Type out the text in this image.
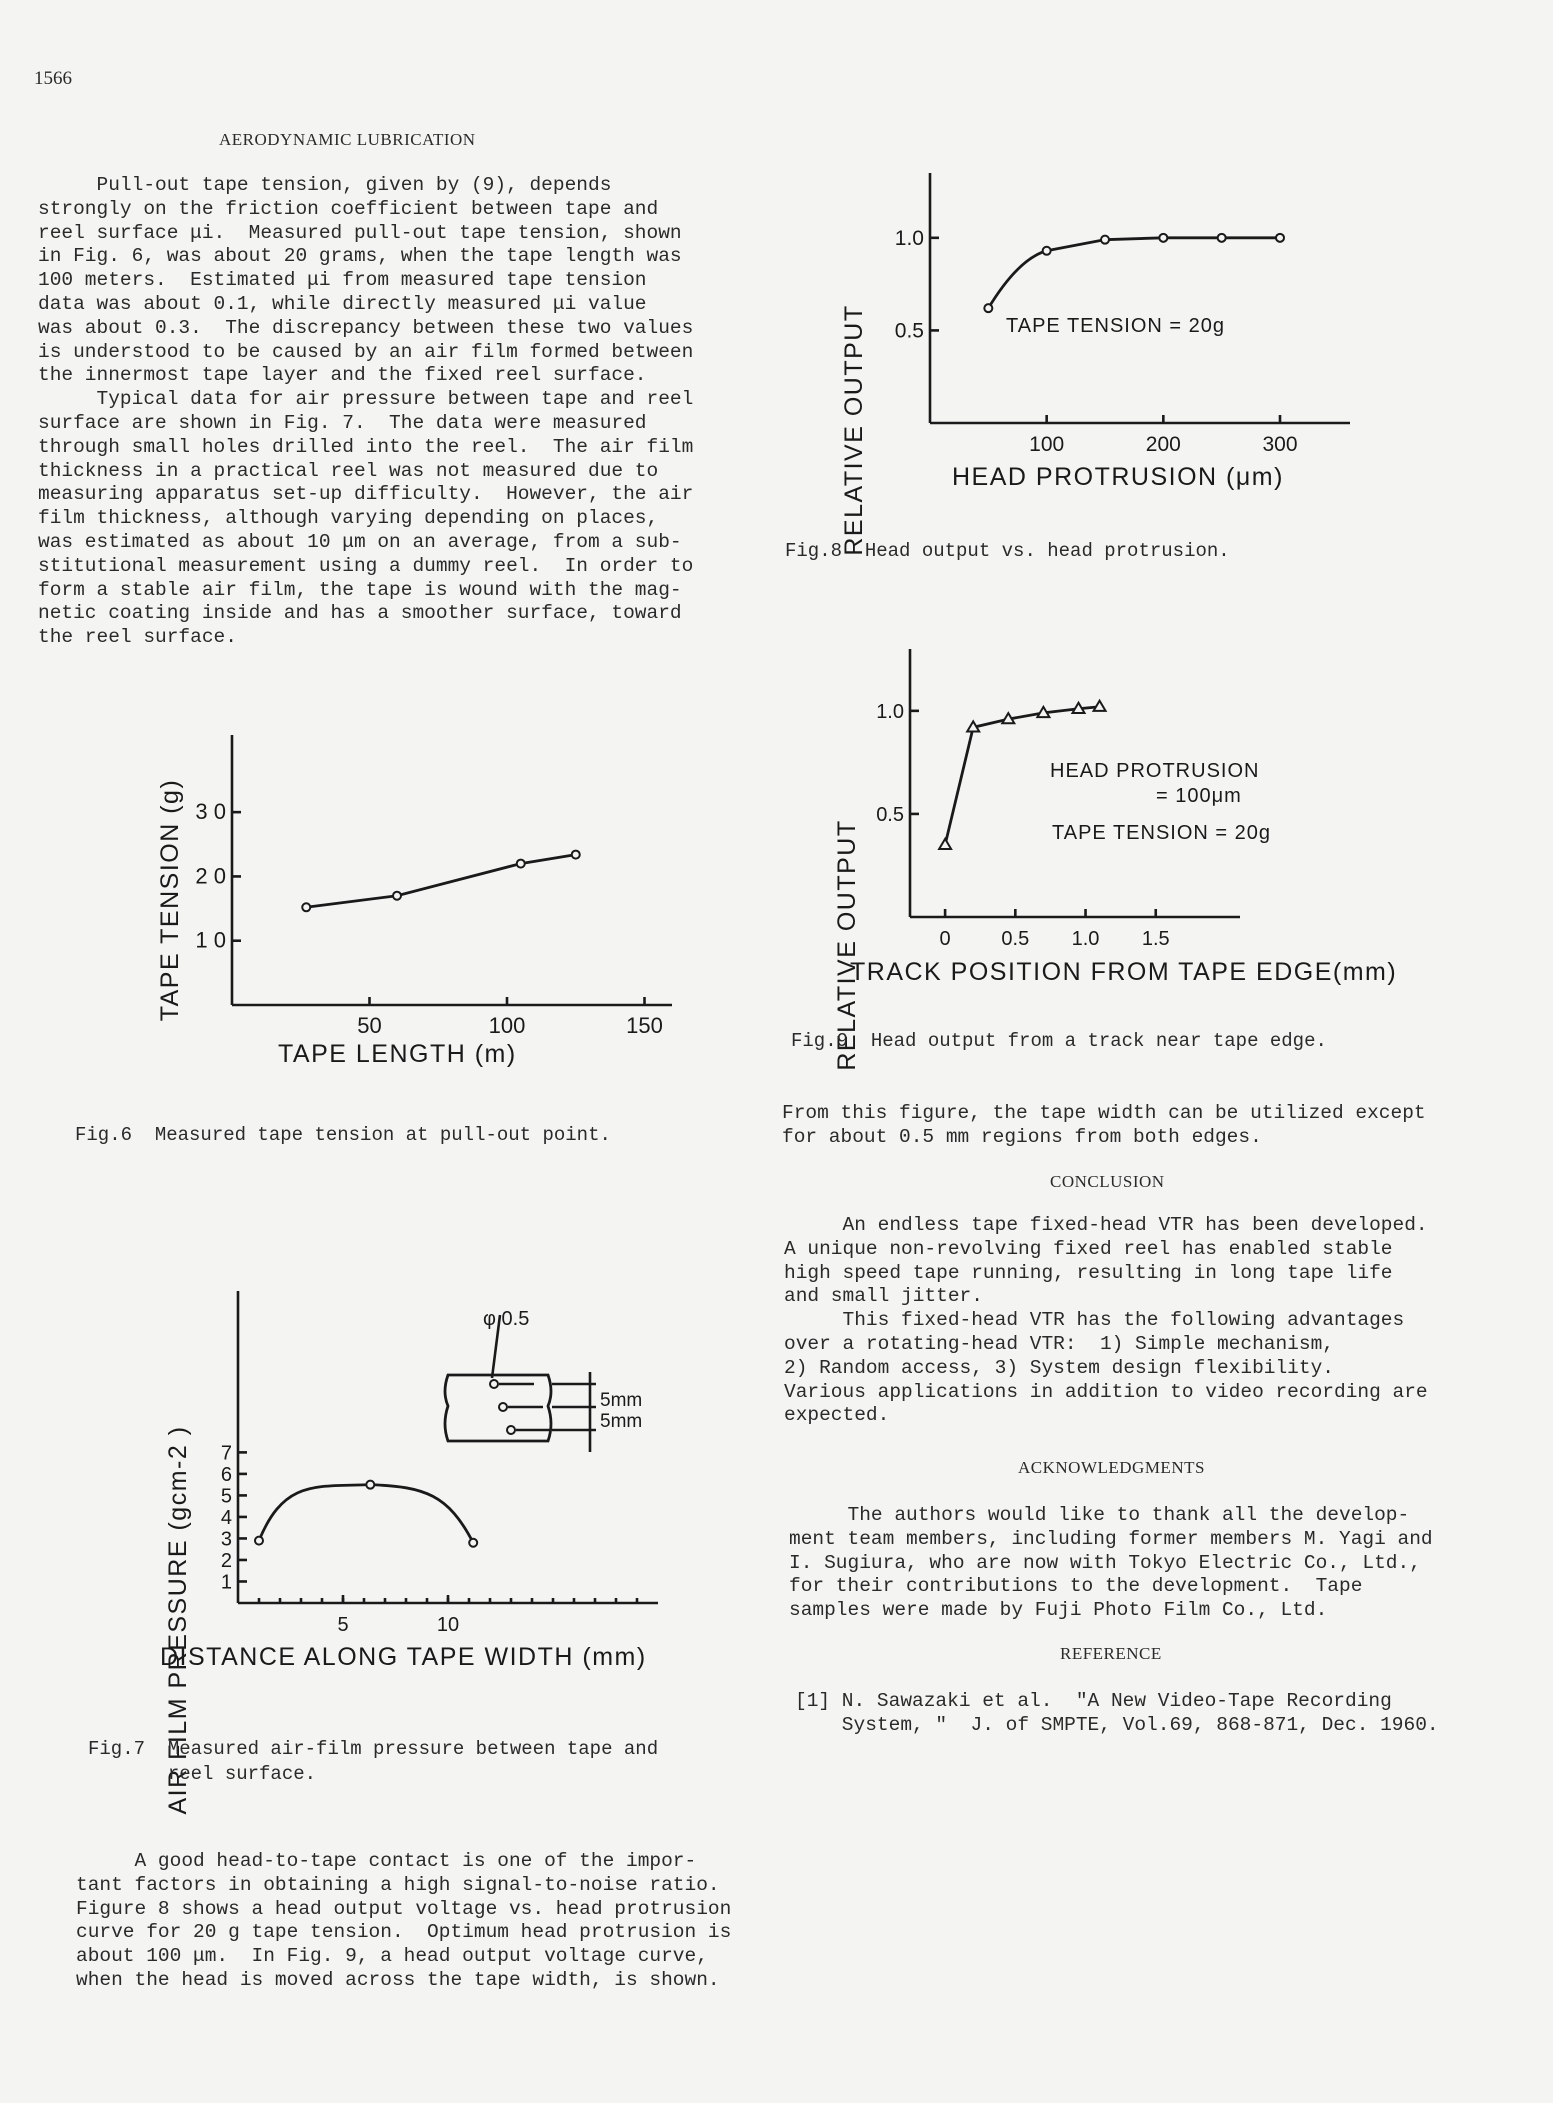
1566
AERODYNAMIC LUBRICATION
Pull-out tape tension, given by (9), depends
strongly on the friction coefficient between tape and
reel surface μi.  Measured pull-out tape tension, shown
in Fig. 6, was about 20 grams, when the tape length was
100 meters.  Estimated μi from measured tape tension
data was about 0.1, while directly measured μi value
was about 0.3.  The discrepancy between these two values
is understood to be caused by an air film formed between
the innermost tape layer and the fixed reel surface.
Typical data for air pressure between tape and reel
surface are shown in Fig. 7.  The data were measured
through small holes drilled into the reel.  The air film
thickness in a practical reel was not measured due to
measuring apparatus set-up difficulty.  However, the air
film thickness, although varying depending on places,
was estimated as about 10 μm on an average, from a sub-
stitutional measurement using a dummy reel.  In order to
form a stable air film, the tape is wound with the mag-
netic coating inside and has a smoother surface, toward
the reel surface.
50	100	150
1 0
2 0
3 0
TAPE LENGTH (m)
TAPE TENSION (g)
Fig.6  Measured tape tension at pull-out point.
5	10
1
2
3
4
5
6
7
DISTANCE ALONG TAPE WIDTH (mm)
AIR FILM PRESSURE (gcm-2 )
φ 0.5
5mm
5mm
Fig.7  Measured air-film pressure between tape and
reel surface.
A good head-to-tape contact is one of the impor-
tant factors in obtaining a high signal-to-noise ratio.
Figure 8 shows a head output voltage vs. head protrusion
curve for 20 g tape tension.  Optimum head protrusion is
about 100 μm.  In Fig. 9, a head output voltage curve,
when the head is moved across the tape width, is shown.
100	200	300
0.5
1.0
HEAD PROTRUSION (μm)
RELATIVE OUTPUT	TAPE TENSION = 20g
Fig.8  Head output vs. head protrusion.
0	0.5 1.0 1.5
0.5
1.0
TRACK POSITION FROM TAPE EDGE(mm)
RELATIVE OUTPUT
HEAD PROTRUSION
= 100μm
TAPE TENSION = 20g
Fig.9  Head output from a track near tape edge.
From this figure, the tape width can be utilized except
for about 0.5 mm regions from both edges.
CONCLUSION
An endless tape fixed-head VTR has been developed.
A unique non-revolving fixed reel has enabled stable
high speed tape running, resulting in long tape life
and small jitter.
This fixed-head VTR has the following advantages
over a rotating-head VTR:  1) Simple mechanism,
2) Random access, 3) System design flexibility.
Various applications in addition to video recording are
expected.
ACKNOWLEDGMENTS
The authors would like to thank all the develop-
ment team members, including former members M. Yagi and
I. Sugiura, who are now with Tokyo Electric Co., Ltd.,
for their contributions to the development.  Tape
samples were made by Fuji Photo Film Co., Ltd.
REFERENCE
[1] N. Sawazaki et al.  "A New Video-Tape Recording
System, "  J. of SMPTE, Vol.69, 868-871, Dec. 1960.
